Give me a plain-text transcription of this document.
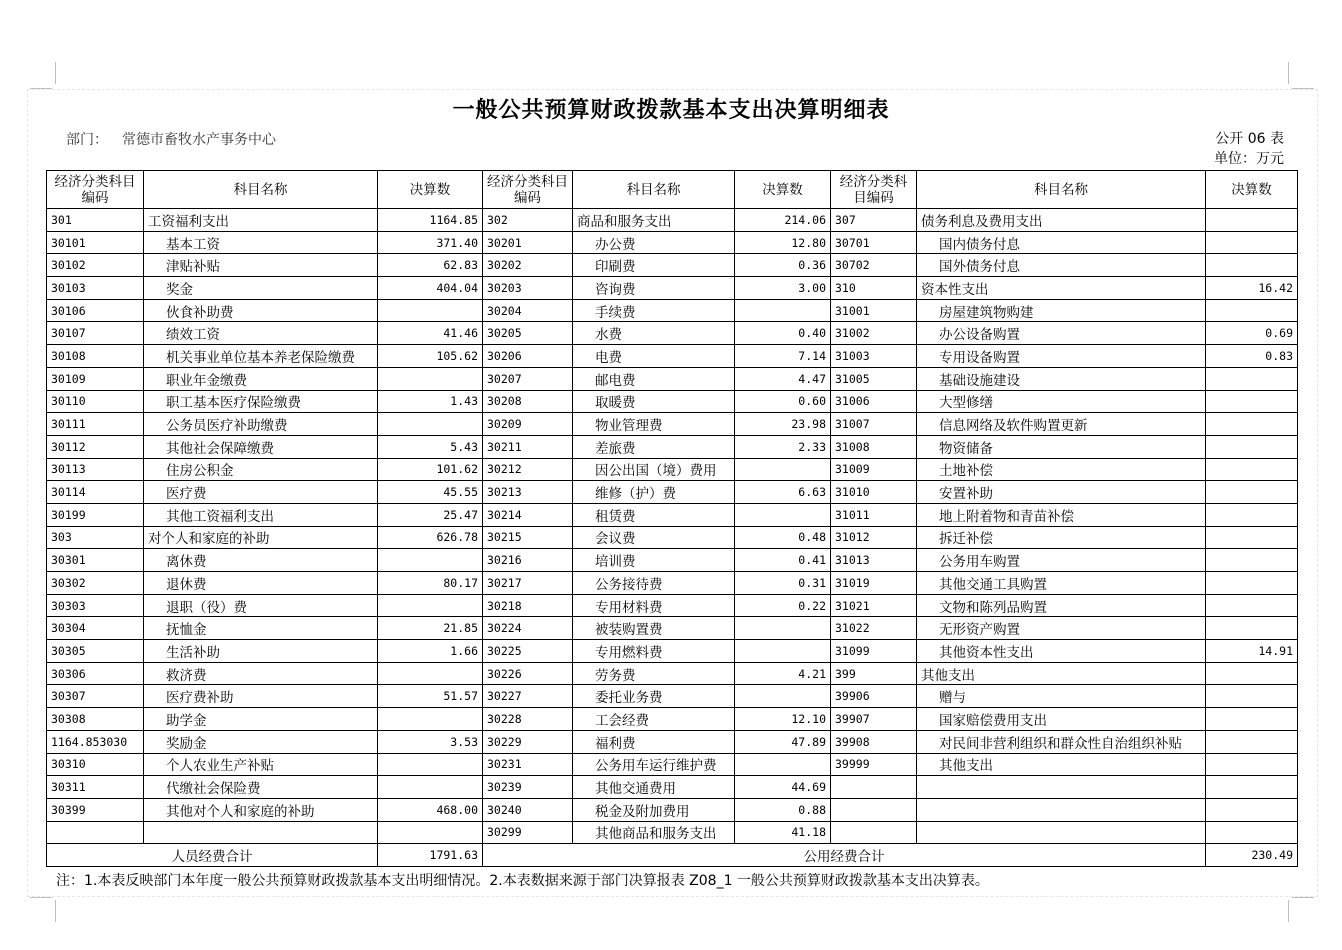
一般公共预算财政拨款基本支出决算明细表
部门： 常德市畜牧水产事务中心	公开 06 表
单位：万元
经济分类科目编码	科目名称	决算数	经济分类科目编码	科目名称	决算数	经济分类科目编码	科目名称	决算数
301	工资福利支出	1164.85	302	商品和服务支出	214.06	307	债务利息及费用支出	
30101	基本工资	371.40	30201	办公费	12.80	30701	国内债务付息	
30102	津贴补贴	62.83	30202	印刷费	0.36	30702	国外债务付息	
30103	奖金	404.04	30203	咨询费	3.00	310	资本性支出	16.42
30106	伙食补助费		30204	手续费		31001	房屋建筑物购建	
30107	绩效工资	41.46	30205	水费	0.40	31002	办公设备购置	0.69
30108	机关事业单位基本养老保险缴费	105.62	30206	电费	7.14	31003	专用设备购置	0.83
30109	职业年金缴费		30207	邮电费	4.47	31005	基础设施建设	
30110	职工基本医疗保险缴费	1.43	30208	取暖费	0.60	31006	大型修缮	
30111	公务员医疗补助缴费		30209	物业管理费	23.98	31007	信息网络及软件购置更新	
30112	其他社会保障缴费	5.43	30211	差旅费	2.33	31008	物资储备	
30113	住房公积金	101.62	30212	因公出国（境）费用		31009	土地补偿	
30114	医疗费	45.55	30213	维修（护）费	6.63	31010	安置补助	
30199	其他工资福利支出	25.47	30214	租赁费		31011	地上附着物和青苗补偿	
303	对个人和家庭的补助	626.78	30215	会议费	0.48	31012	拆迁补偿	
30301	离休费		30216	培训费	0.41	31013	公务用车购置	
30302	退休费	80.17	30217	公务接待费	0.31	31019	其他交通工具购置	
30303	退职（役）费		30218	专用材料费	0.22	31021	文物和陈列品购置	
30304	抚恤金	21.85	30224	被装购置费		31022	无形资产购置	
30305	生活补助	1.66	30225	专用燃料费		31099	其他资本性支出	14.91
30306	救济费		30226	劳务费	4.21	399	其他支出	
30307	医疗费补助	51.57	30227	委托业务费		39906	赠与	
30308	助学金		30228	工会经费	12.10	39907	国家赔偿费用支出	
1164.853030	奖励金	3.53	30229	福利费	47.89	39908	对民间非营利组织和群众性自治组织补贴	
30310	个人农业生产补贴		30231	公务用车运行维护费		39999	其他支出	
30311	代缴社会保险费		30239	其他交通费用	44.69			
30399	其他对个人和家庭的补助	468.00	30240	税金及附加费用	0.88			
			30299	其他商品和服务支出	41.18			
人员经费合计		1791.63	公用经费合计					230.49
注：1.本表反映部门本年度一般公共预算财政拨款基本支出明细情况。2.本表数据来源于部门决算报表 Z08_1 一般公共预算财政拨款基本支出决算表。
